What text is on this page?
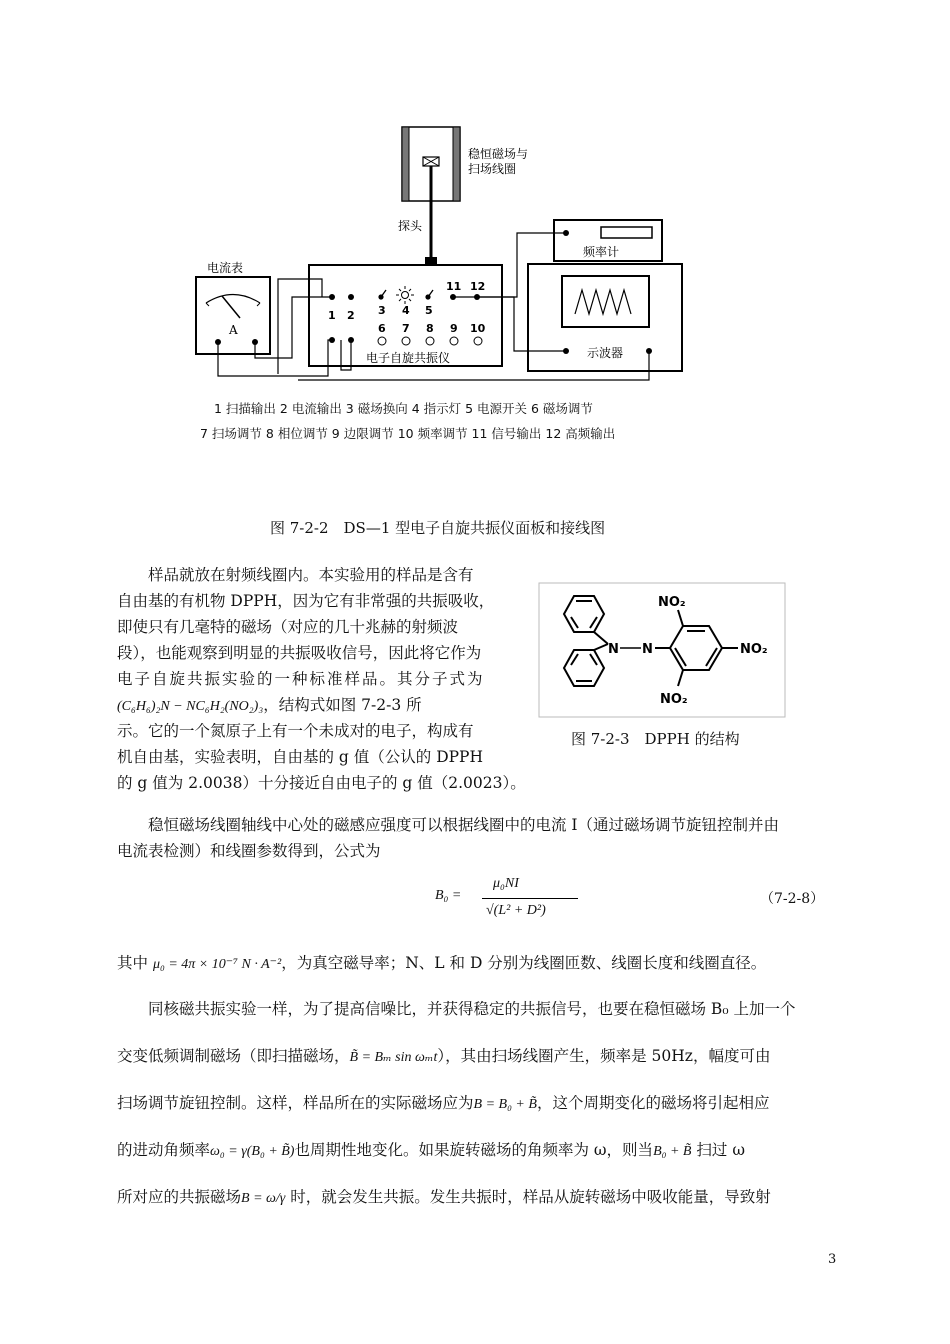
稳恒磁场与
扫场线圈
探头
电流表
A
频率计
示波器
电子自旋共振仪
1 2 3 4 5
6 7 8 9 10
11 12
1 扫描输出 2 电流输出 3 磁场换向 4 指示灯 5 电源开关 6 磁场调节
7 扫场调节 8 相位调节 9 边限调节 10 频率调节 11 信号输出 12 高频输出
图 7-2-2　DS—1 型电子自旋共振仪面板和接线图
样品就放在射频线圈内。本实验用的样品是含有
自由基的有机物 DPPH，因为它有非常强的共振吸收，
即使只有几毫特的磁场（对应的几十兆赫的射频波
段），也能观察到明显的共振吸收信号，因此将它作为
电子自旋共振实验的一种标准样品。其分子式为
(C₆H₆)₂N − NC₆H₂(NO₂)₃，结构式如图 7-2-3 所
示。它的一个氮原子上有一个未成对的电子，构成有
机自由基，实验表明，自由基的 g 值（公认的 DPPH
的 g 值为 2.0038）十分接近自由电子的 g 值（2.0023）。
N N
NO₂
NO₂
NO₂
图 7-2-3　DPPH 的结构
稳恒磁场线圈轴线中心处的磁感应强度可以根据线圈中的电流 I（通过磁场调节旋钮控制并由
电流表检测）和线圈参数得到，公式为
B₀ =
μ₀NI
√(L² + D²)
（7-2-8）
其中 μ₀ = 4π × 10⁻⁷ N · A⁻²，为真空磁导率；N、L 和 D 分别为线圈匝数、线圈长度和线圈直径。
同核磁共振实验一样，为了提高信噪比，并获得稳定的共振信号，也要在稳恒磁场 B₀ 上加一个
交变低频调制磁场（即扫描磁场，B̃ = Bₘ sin ωₘt），其由扫场线圈产生，频率是 50Hz，幅度可由
扫场调节旋钮控制。这样，样品所在的实际磁场应为B = B₀ + B̃，这个周期变化的磁场将引起相应
的进动角频率ω₀ = γ(B₀ + B̃)也周期性地变化。如果旋转磁场的角频率为 ω，则当B₀ + B̃ 扫过 ω
所对应的共振磁场B = ω/γ 时，就会发生共振。发生共振时，样品从旋转磁场中吸收能量，导致射
3
